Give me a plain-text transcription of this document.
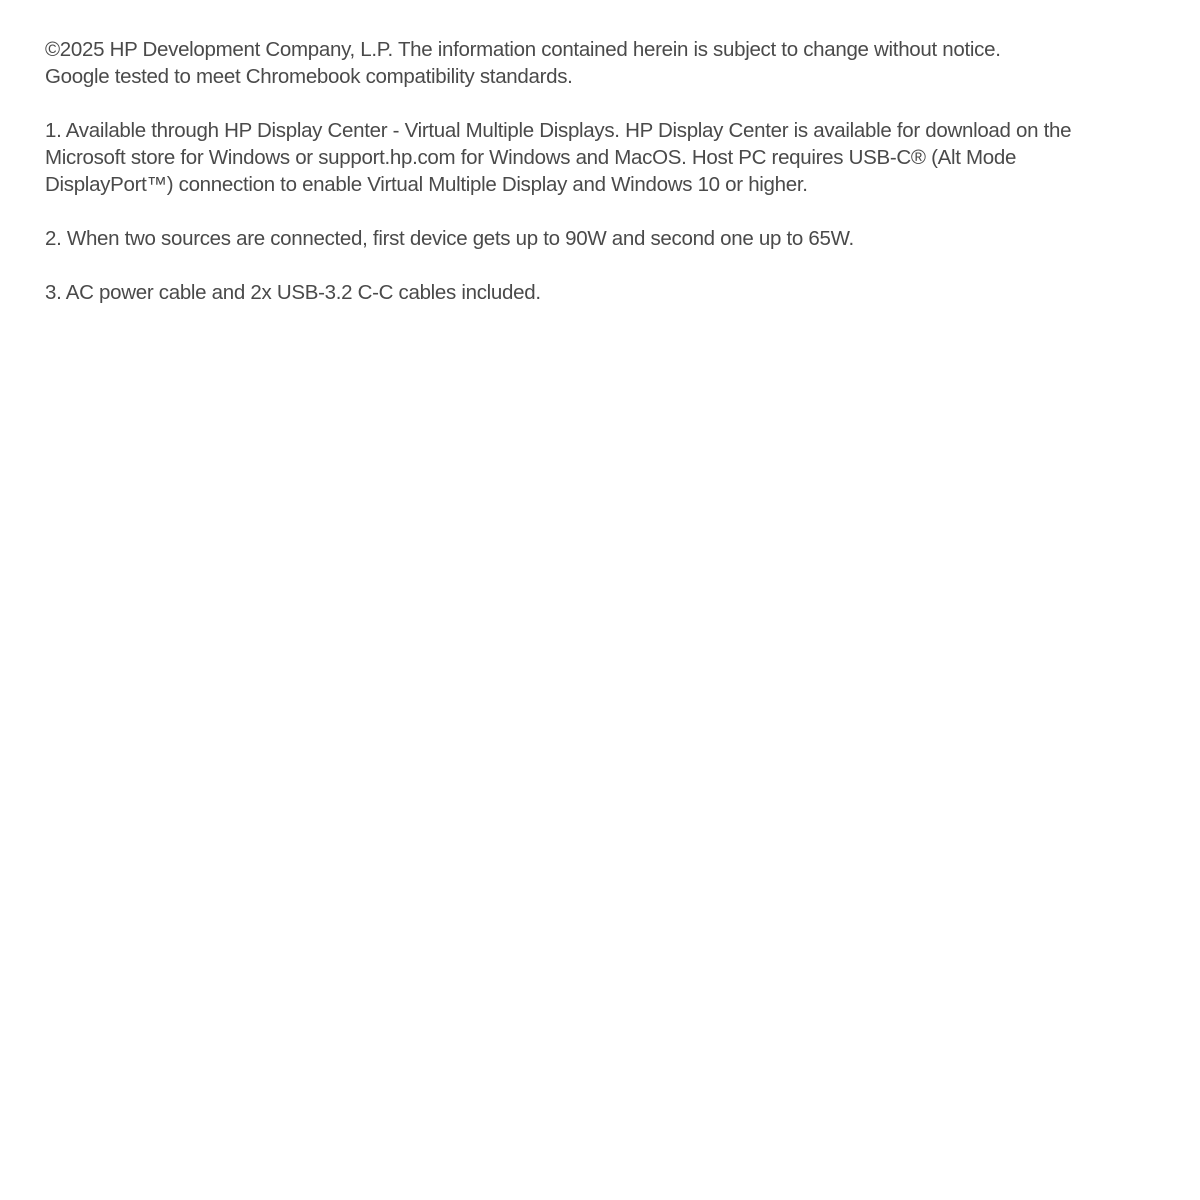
©2025 HP Development Company, L.P. The information contained herein is subject to change without notice.
Google tested to meet Chromebook compatibility standards.
1. Available through HP Display Center - Virtual Multiple Displays. HP Display Center is available for download on the
Microsoft store for Windows or support.hp.com for Windows and MacOS. Host PC requires USB-C® (Alt Mode
DisplayPort™) connection to enable Virtual Multiple Display and Windows 10 or higher.
2. When two sources are connected, first device gets up to 90W and second one up to 65W.
3. AC power cable and 2x USB-3.2 C-C cables included.
